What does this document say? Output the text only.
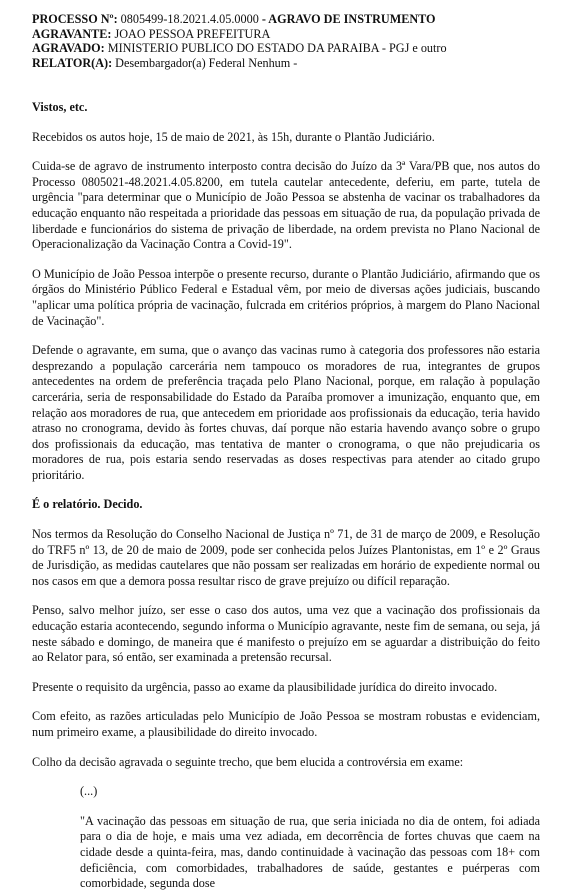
PROCESSO Nº: 0805499-18.2021.4.05.0000 - AGRAVO DE INSTRUMENTO
AGRAVANTE: JOAO PESSOA PREFEITURA
AGRAVADO: MINISTERIO PUBLICO DO ESTADO DA PARAIBA - PGJ e outro
RELATOR(A): Desembargador(a) Federal Nenhum -

Vistos, etc.

Recebidos os autos hoje, 15 de maio de 2021, às 15h, durante o Plantão Judiciário.

Cuida-se de agravo de instrumento interposto contra decisão do Juízo da 3ª Vara/PB que, nos autos do Processo 0805021-48.2021.4.05.8200, em tutela cautelar antecedente, deferiu, em parte, tutela de urgência "para determinar que o Município de João Pessoa se abstenha de vacinar os trabalhadores da educação enquanto não respeitada a prioridade das pessoas em situação de rua, da população privada de liberdade e funcionários do sistema de privação de liberdade, na ordem prevista no Plano Nacional de Operacionalização da Vacinação Contra a Covid-19".

O Município de João Pessoa interpõe o presente recurso, durante o Plantão Judiciário, afirmando que os órgãos do Ministério Público Federal e Estadual vêm, por meio de diversas ações judiciais, buscando "aplicar uma política própria de vacinação, fulcrada em critérios próprios, à margem do Plano Nacional de Vacinação".

Defende o agravante, em suma, que o avanço das vacinas rumo à categoria dos professores não estaria desprezando a população carcerária nem tampouco os moradores de rua, integrantes de grupos antecedentes na ordem de preferência traçada pelo Plano Nacional, porque, em ralação à população carcerária, seria de responsabilidade do Estado da Paraíba promover a imunização, enquanto que, em relação aos moradores de rua, que antecedem em prioridade aos profissionais da educação, teria havido atraso no cronograma, devido às fortes chuvas, daí porque não estaria havendo avanço sobre o grupo dos profissionais da educação, mas tentativa de manter o cronograma, o que não prejudicaria os moradores de rua, pois estaria sendo reservadas as doses respectivas para atender ao citado grupo prioritário.

É o relatório. Decido.

Nos termos da Resolução do Conselho Nacional de Justiça nº 71, de 31 de março de 2009, e Resolução do TRF5 nº 13, de 20 de maio de 2009, pode ser conhecida pelos Juízes Plantonistas, em 1º e 2º Graus de Jurisdição, as medidas cautelares que não possam ser realizadas em horário de expediente normal ou nos casos em que a demora possa resultar risco de grave prejuízo ou difícil reparação.

Penso, salvo melhor juízo, ser esse o caso dos autos, uma vez que a vacinação dos profissionais da educação estaria acontecendo, segundo informa o Município agravante, neste fim de semana, ou seja, já neste sábado e domingo, de maneira que é manifesto o prejuízo em se aguardar a distribuição do feito ao Relator para, só então, ser examinada a pretensão recursal.

Presente o requisito da urgência, passo ao exame da plausibilidade jurídica do direito invocado.

Com efeito, as razões articuladas pelo Município de João Pessoa se mostram robustas e evidenciam, num primeiro exame, a plausibilidade do direito invocado.

Colho da decisão agravada o seguinte trecho, que bem elucida a controvérsia em exame:

(...)

"A vacinação das pessoas em situação de rua, que seria iniciada no dia de ontem, foi adiada para o dia de hoje, e mais uma vez adiada, em decorrência de fortes chuvas que caem na cidade desde a quinta-feira, mas, dando continuidade à vacinação das pessoas com 18+ com deficiência, com comorbidades, trabalhadores de saúde, gestantes e puérperas com comorbidade, segunda dose
